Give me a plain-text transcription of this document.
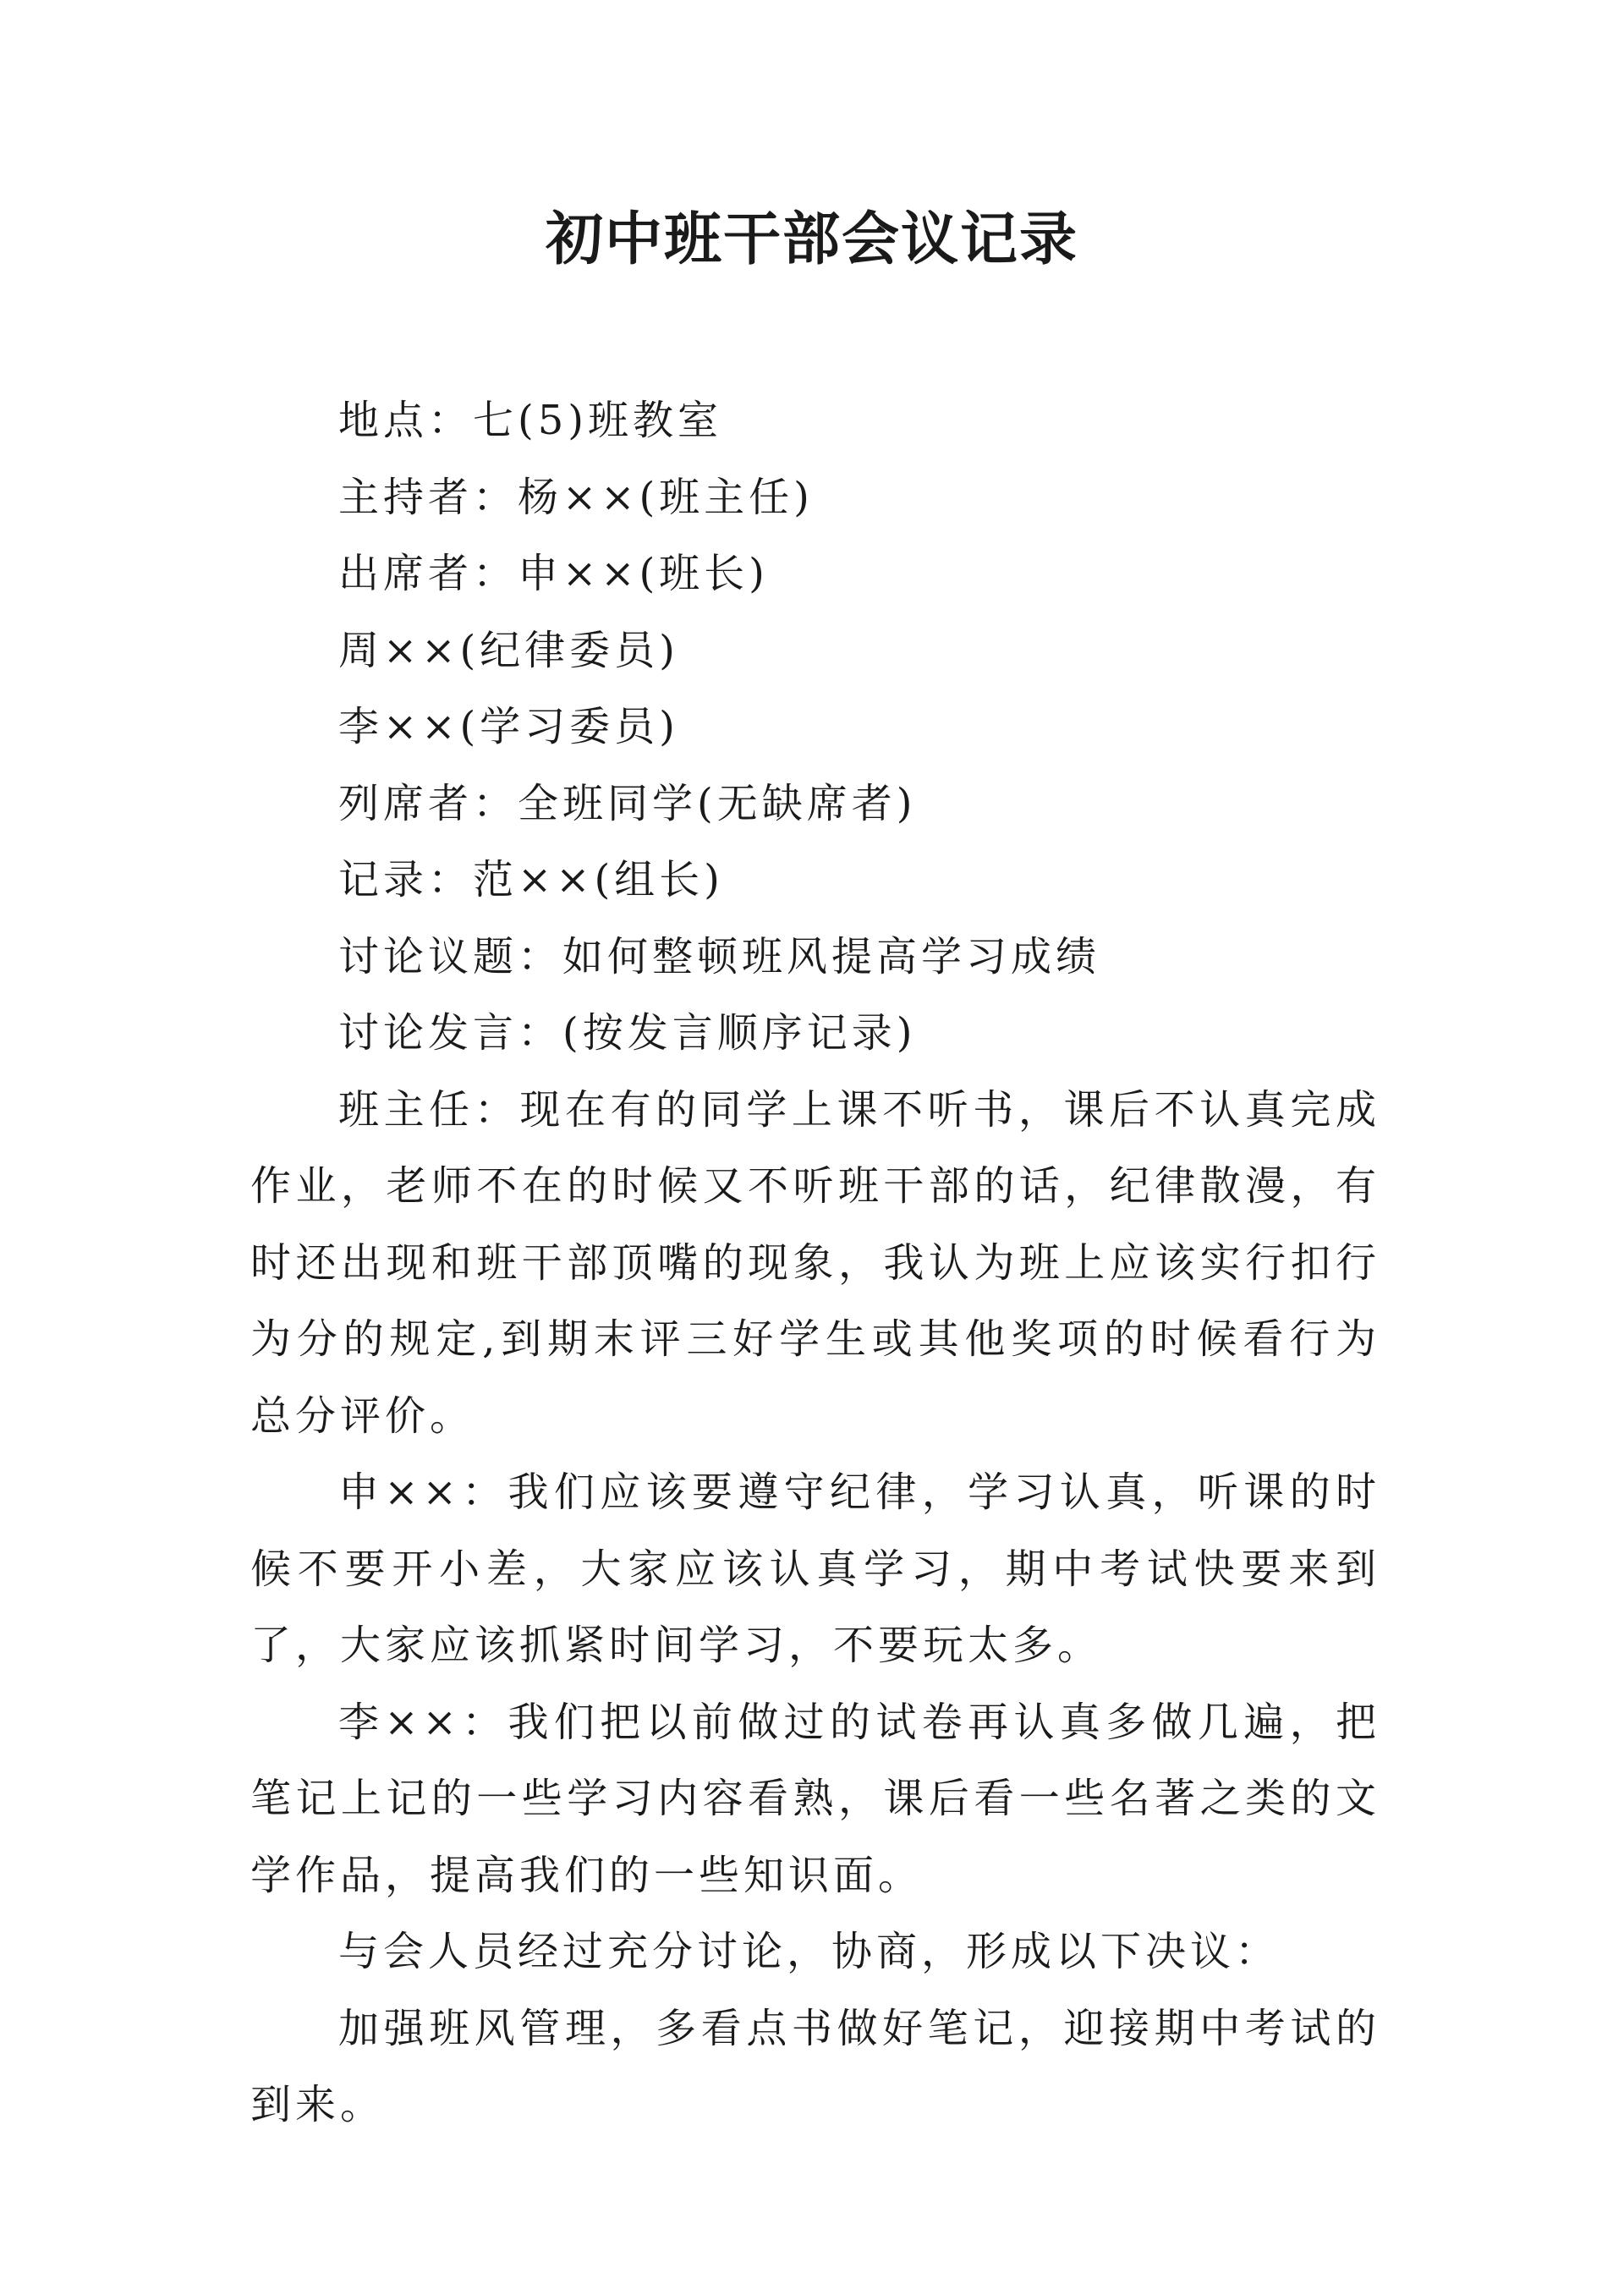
初中班干部会议记录

地点：七(5)班教室

主持者：杨××(班主任)

出席者：申××(班长)

周××(纪律委员)

李××(学习委员)

列席者：全班同学(无缺席者)

记录：范××(组长)

讨论议题：如何整顿班风提高学习成绩

讨论发言：(按发言顺序记录)

班主任：现在有的同学上课不听书，课后不认真完成作业，老师不在的时候又不听班干部的话，纪律散漫，有时还出现和班干部顶嘴的现象，我认为班上应该实行扣行为分的规定,到期末评三好学生或其他奖项的时候看行为总分评价。

申××：我们应该要遵守纪律，学习认真，听课的时候不要开小差，大家应该认真学习，期中考试快要来到了，大家应该抓紧时间学习，不要玩太多。

李××：我们把以前做过的试卷再认真多做几遍，把笔记上记的一些学习内容看熟，课后看一些名著之类的文学作品，提高我们的一些知识面。

与会人员经过充分讨论，协商，形成以下决议：

加强班风管理，多看点书做好笔记，迎接期中考试的到来。
